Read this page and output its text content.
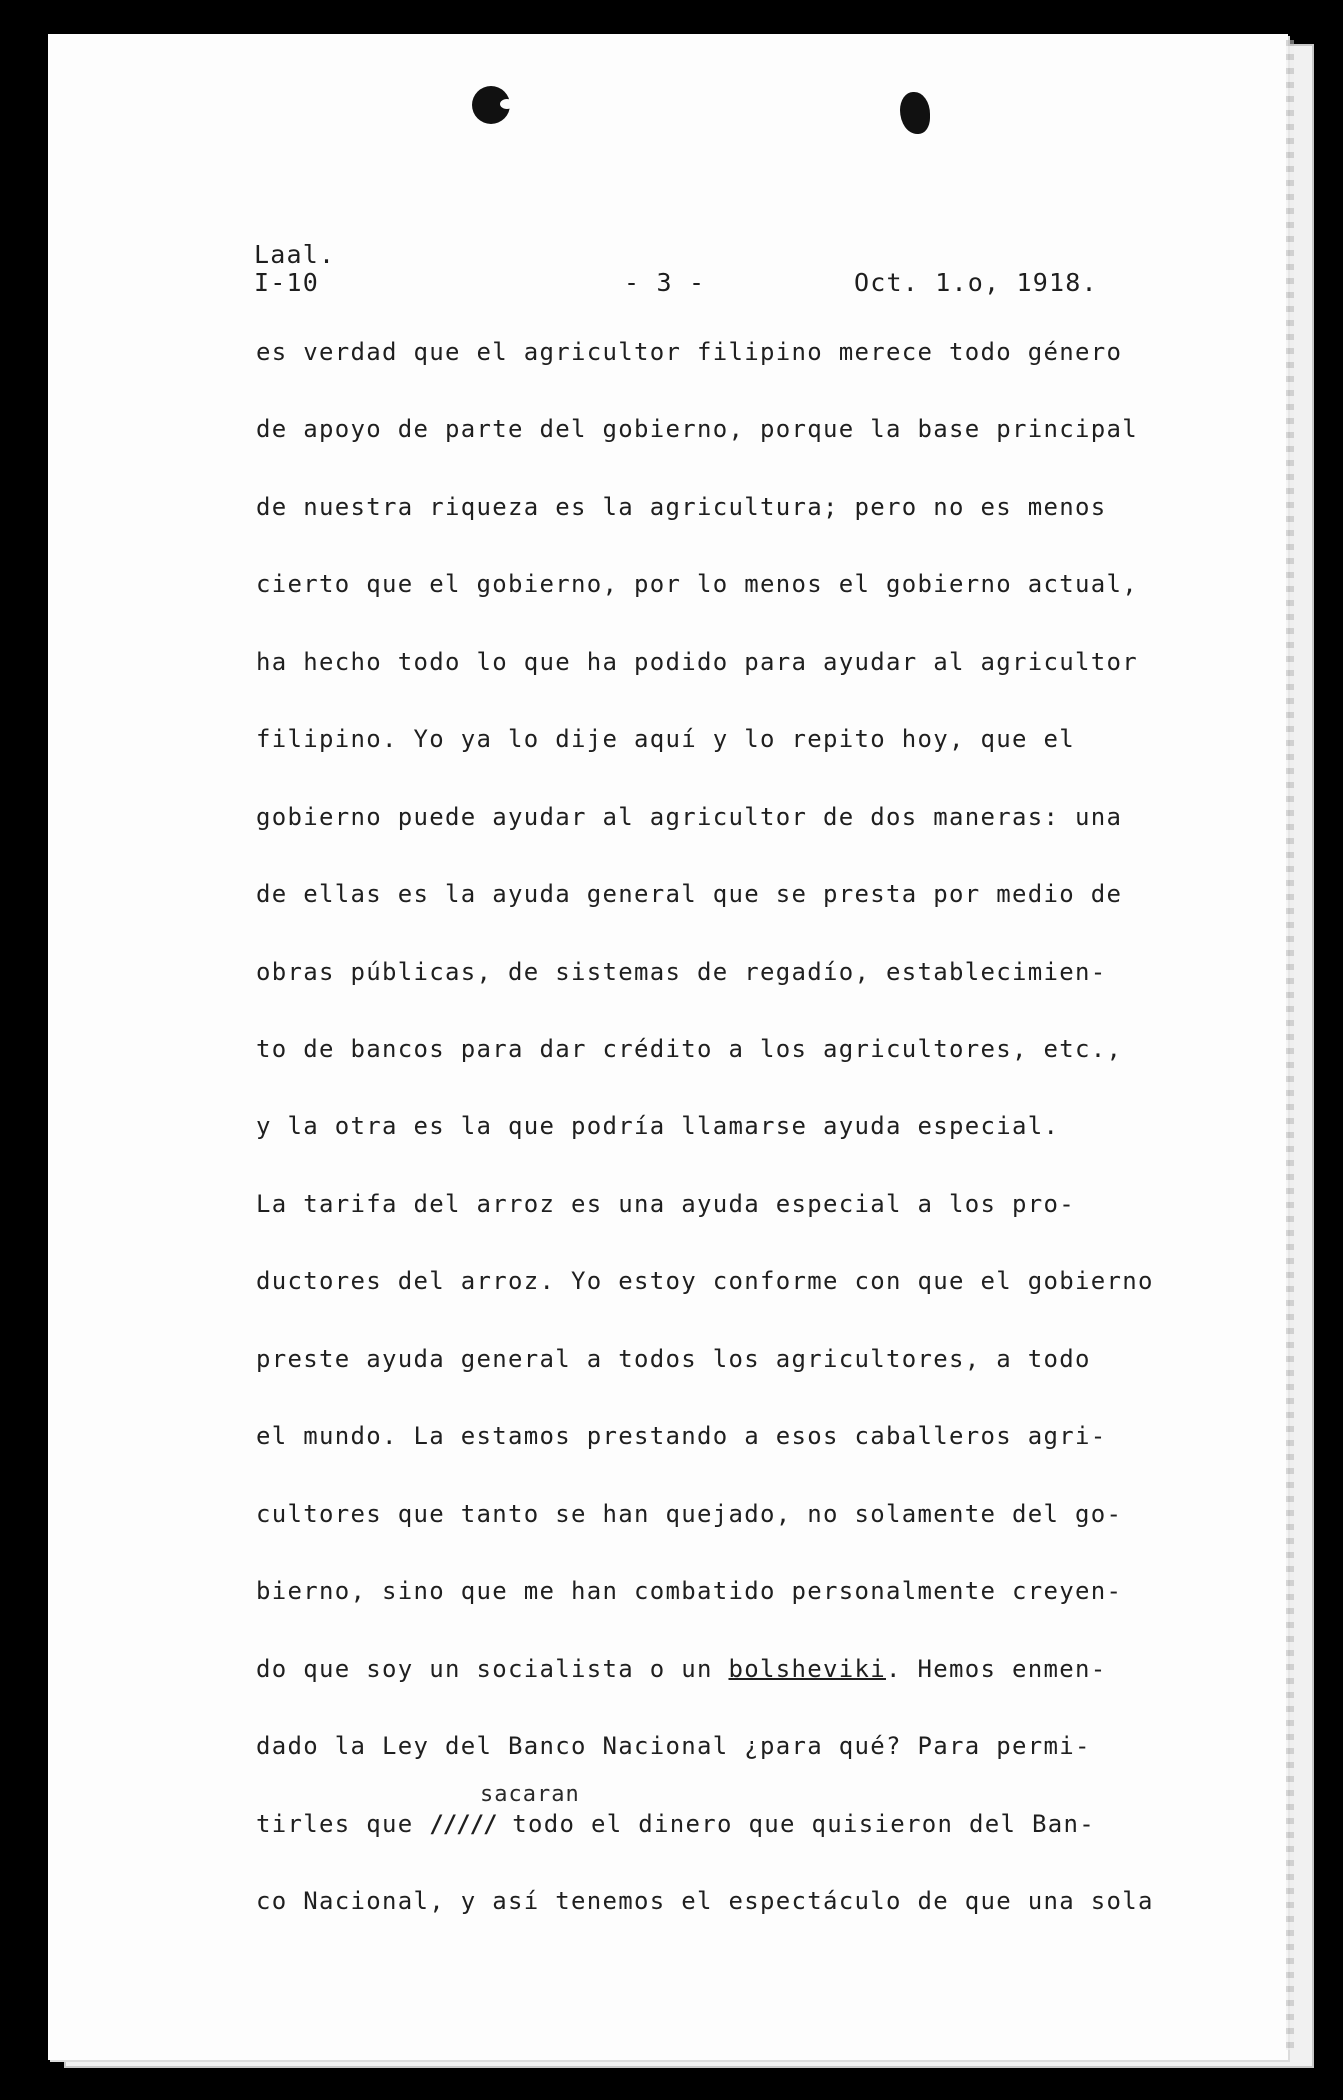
Laal.
I-10	- 3 -	Oct. 1.o, 1918.
es verdad que el agricultor filipino merece todo género
de apoyo de parte del gobierno, porque la base principal
de nuestra riqueza es la agricultura; pero no es menos
cierto que el gobierno, por lo menos el gobierno actual,
ha hecho todo lo que ha podido para ayudar al agricultor
filipino. Yo ya lo dije aquí y lo repito hoy, que el
gobierno puede ayudar al agricultor de dos maneras: una
de ellas es la ayuda general que se presta por medio de
obras públicas, de sistemas de regadío, establecimien-
to de bancos para dar crédito a los agricultores, etc.,
y la otra es la que podría llamarse ayuda especial.
La tarifa del arroz es una ayuda especial a los pro-
ductores del arroz. Yo estoy conforme con que el gobierno
preste ayuda general a todos los agricultores, a todo
el mundo. La estamos prestando a esos caballeros agri-
cultores que tanto se han quejado, no solamente del go-
bierno, sino que me han combatido personalmente creyen-
do que soy un socialista o un bolsheviki. Hemos enmen-
dado la Ley del Banco Nacional ¿para qué? Para permi-
sacaran
tirles que ///// todo el dinero que quisieron del Ban-
co Nacional, y así tenemos el espectáculo de que una sola
